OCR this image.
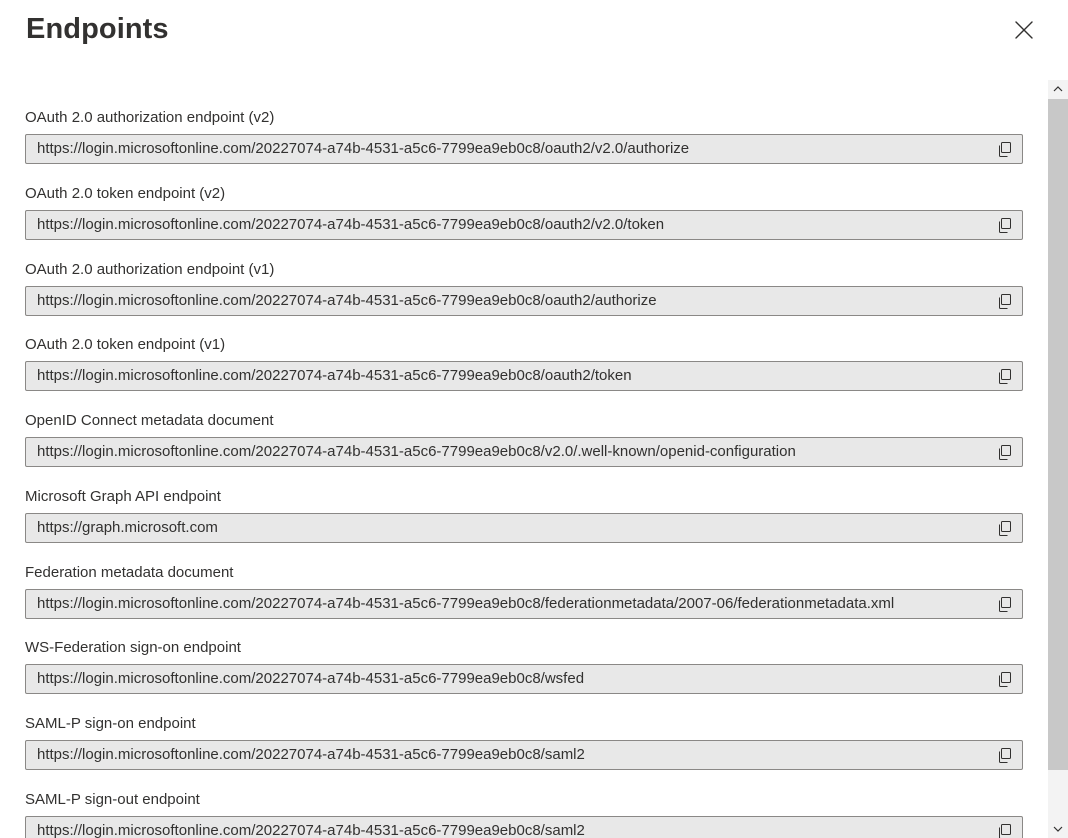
Endpoints
OAuth 2.0 authorization endpoint (v2)
https://login.microsoftonline.com/20227074-a74b-4531-a5c6-7799ea9eb0c8/oauth2/v2.0/authorize
OAuth 2.0 token endpoint (v2)
https://login.microsoftonline.com/20227074-a74b-4531-a5c6-7799ea9eb0c8/oauth2/v2.0/token
OAuth 2.0 authorization endpoint (v1)
https://login.microsoftonline.com/20227074-a74b-4531-a5c6-7799ea9eb0c8/oauth2/authorize
OAuth 2.0 token endpoint (v1)
https://login.microsoftonline.com/20227074-a74b-4531-a5c6-7799ea9eb0c8/oauth2/token
OpenID Connect metadata document
https://login.microsoftonline.com/20227074-a74b-4531-a5c6-7799ea9eb0c8/v2.0/.well-known/openid-configuration
Microsoft Graph API endpoint
https://graph.microsoft.com
Federation metadata document
https://login.microsoftonline.com/20227074-a74b-4531-a5c6-7799ea9eb0c8/federationmetadata/2007-06/federationmetadata.xml
WS-Federation sign-on endpoint
https://login.microsoftonline.com/20227074-a74b-4531-a5c6-7799ea9eb0c8/wsfed
SAML-P sign-on endpoint
https://login.microsoftonline.com/20227074-a74b-4531-a5c6-7799ea9eb0c8/saml2
SAML-P sign-out endpoint
https://login.microsoftonline.com/20227074-a74b-4531-a5c6-7799ea9eb0c8/saml2
